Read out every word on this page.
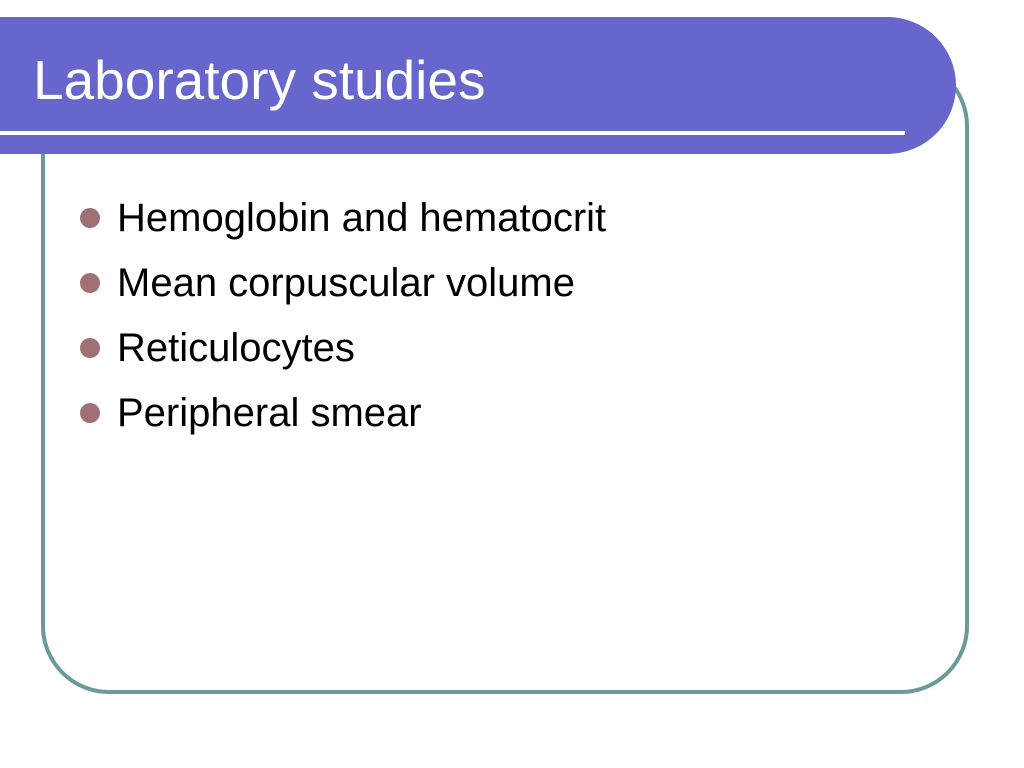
Laboratory studies
Hemoglobin and hematocrit
Mean corpuscular volume
Reticulocytes
Peripheral smear
